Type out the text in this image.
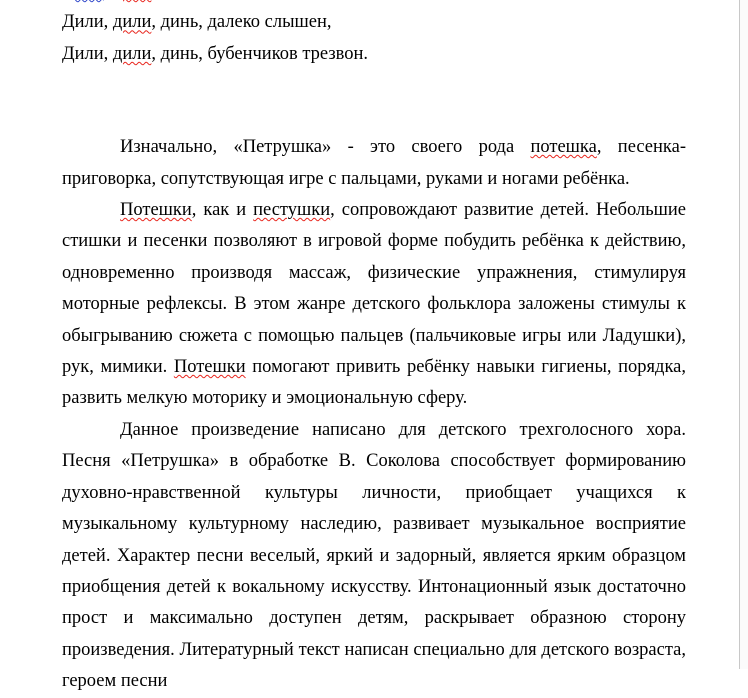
Дили, дили, динь, далеко слышен,

Дили, дили, динь, бубенчиков трезвон.

Изначально, «Петрушка» - это своего рода потешка, песенка-приговорка, сопутствующая игре с пальцами, руками и ногами ребёнка.

Потешки, как и пестушки, сопровождают развитие детей. Небольшие стишки и песенки позволяют в игровой форме побудить ребёнка к действию, одновременно производя массаж, физические упражнения, стимулируя моторные рефлексы. В этом жанре детского фольклора заложены стимулы к обыгрыванию сюжета с помощью пальцев (пальчиковые игры или Ладушки), рук, мимики. Потешки помогают привить ребёнку навыки гигиены, порядка, развить мелкую моторику и эмоциональную сферу.

Данное произведение написано для детского трехголосного хора. Песня «Петрушка» в обработке В. Соколова способствует формированию духовно-нравственной культуры личности, приобщает учащихся к музыкальному культурному наследию, развивает музыкальное восприятие детей. Характер песни веселый, яркий и задорный, является ярким образцом приобщения детей к вокальному искусству. Интонационный язык достаточно прост и максимально доступен детям, раскрывает образною сторону произведения. Литературный текст написан специально для детского возраста, героем песни
